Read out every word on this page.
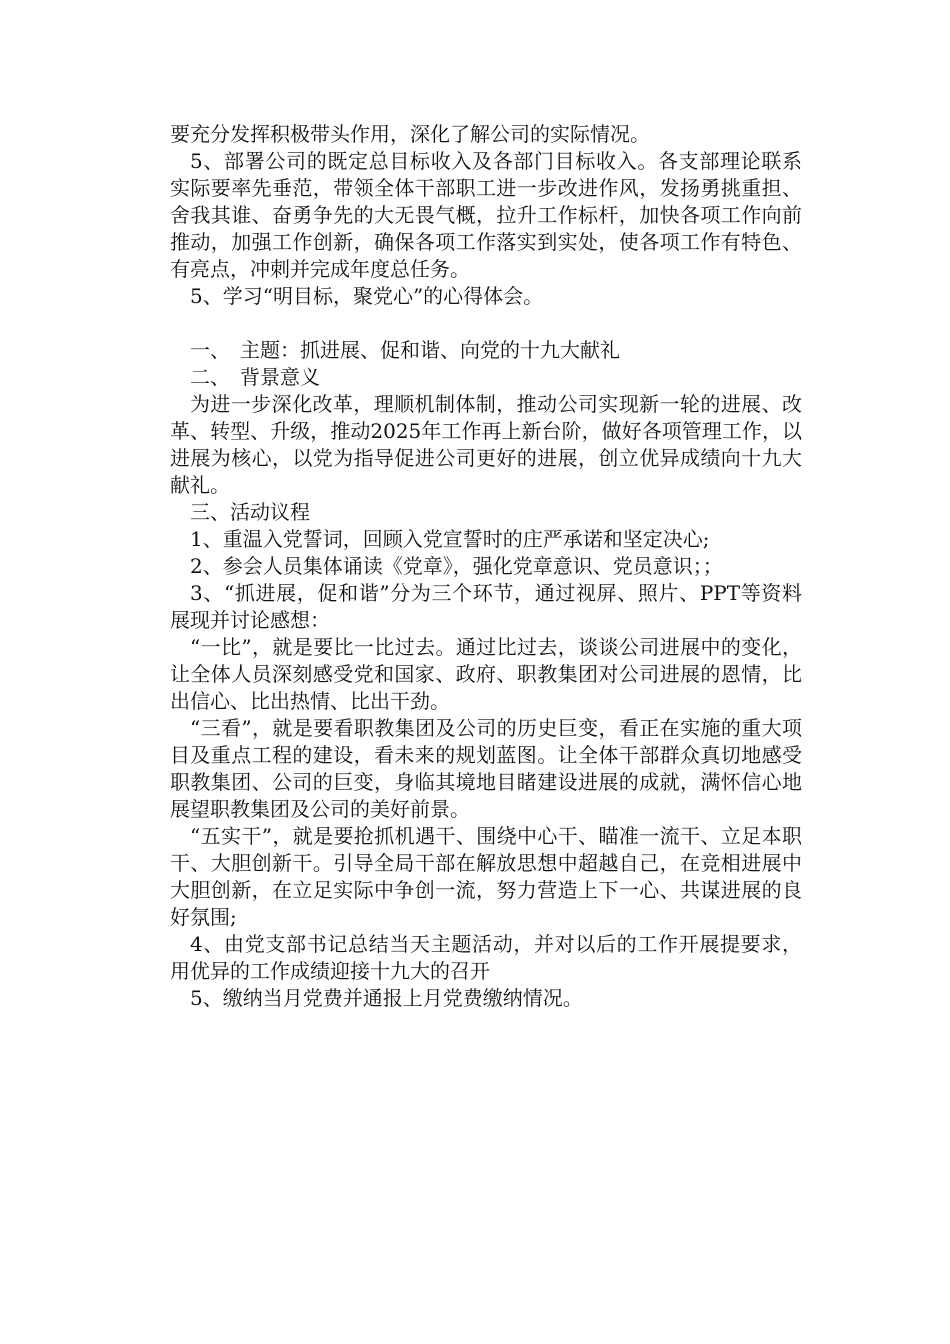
要充分发挥积极带头作用，深化了解公司的实际情况。

5、部署公司的既定总目标收入及各部门目标收入。各支部理论联系实际要率先垂范，带领全体干部职工进一步改进作风，发扬勇挑重担、舍我其谁、奋勇争先的大无畏气概，拉升工作标杆，加快各项工作向前推动，加强工作创新，确保各项工作落实到实处，使各项工作有特色、有亮点，冲刺并完成年度总任务。

5、学习“明目标，聚党心”的心得体会。

一、　主题：抓进展、促和谐、向党的十九大献礼

二、　背景意义

为进一步深化改革，理顺机制体制，推动公司实现新一轮的进展、改革、转型、升级，推动2025年工作再上新台阶，做好各项管理工作，以进展为核心，以党为指导促进公司更好的进展，创立优异成绩向十九大献礼。

三、活动议程

1、重温入党誓词，回顾入党宣誓时的庄严承诺和坚定决心;

2、参会人员集体诵读《党章》，强化党章意识、党员意识；；

3、“抓进展，促和谐”分为三个环节，通过视屏、照片、PPT等资料展现并讨论感想：

“一比”，就是要比一比过去。通过比过去，谈谈公司进展中的变化，让全体人员深刻感受党和国家、政府、职教集团对公司进展的恩情，比出信心、比出热情、比出干劲。

“三看”，就是要看职教集团及公司的历史巨变，看正在实施的重大项目及重点工程的建设，看未来的规划蓝图。让全体干部群众真切地感受职教集团、公司的巨变，身临其境地目睹建设进展的成就，满怀信心地展望职教集团及公司的美好前景。

“五实干”，就是要抢抓机遇干、围绕中心干、瞄准一流干、立足本职干、大胆创新干。引导全局干部在解放思想中超越自己，在竞相进展中大胆创新，在立足实际中争创一流，努力营造上下一心、共谋进展的良好氛围;

4、由党支部书记总结当天主题活动，并对以后的工作开展提要求，用优异的工作成绩迎接十九大的召开

5、缴纳当月党费并通报上月党费缴纳情况。
